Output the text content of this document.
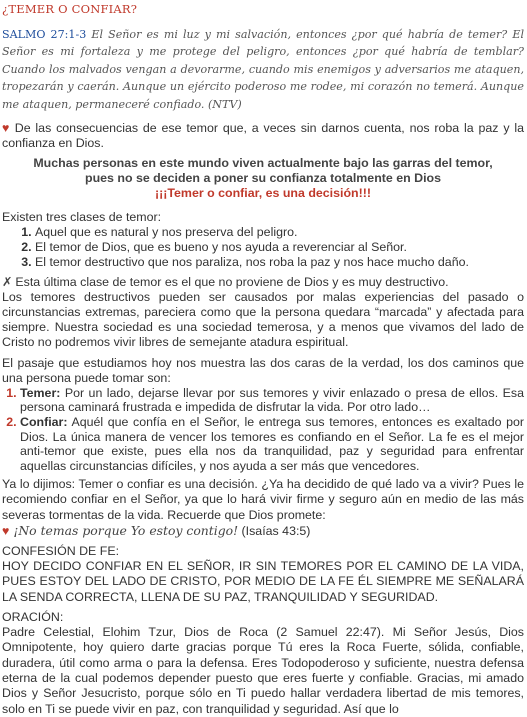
¿TEMER O CONFIAR?

SALMO 27:1-3 El Señor es mi luz y mi salvación, entonces ¿por qué habría de temer? El Señor es mi fortaleza y me protege del peligro, entonces ¿por qué habría de temblar? Cuando los malvados vengan a devorarme, cuando mis enemigos y adversarios me ataquen, tropezarán y caerán. Aunque un ejército poderoso me rodee, mi corazón no temerá. Aunque me ataquen, permaneceré confiado. (NTV)

♥ De las consecuencias de ese temor que, a veces sin darnos cuenta, nos roba la paz y la confianza en Dios.

Muchas personas en este mundo viven actualmente bajo las garras del temor,
pues no se deciden a poner su confianza totalmente en Dios
¡¡¡Temer o confiar, es una decisión!!!

Existen tres clases de temor:

1. Aquel que es natural y nos preserva del peligro.
2. El temor de Dios, que es bueno y nos ayuda a reverenciar al Señor.
3. El temor destructivo que nos paraliza, nos roba la paz y nos hace mucho daño.

✗ Esta última clase de temor es el que no proviene de Dios y es muy destructivo.

Los temores destructivos pueden ser causados por malas experiencias del pasado o circunstancias extremas, pareciera como que la persona quedara “marcada” y afectada para siempre. Nuestra sociedad es una sociedad temerosa, y a menos que vivamos del lado de Cristo no podremos vivir libres de semejante atadura espiritual.

El pasaje que estudiamos hoy nos muestra las dos caras de la verdad, los dos caminos que una persona puede tomar son:

1. Temer: Por un lado, dejarse llevar por sus temores y vivir enlazado o presa de ellos. Esa persona caminará frustrada e impedida de disfrutar la vida. Por otro lado…
2. Confiar: Aquél que confía en el Señor, le entrega sus temores, entonces es exaltado por Dios. La única manera de vencer los temores es confiando en el Señor. La fe es el mejor anti-temor que existe, pues ella nos da tranquilidad, paz y seguridad para enfrentar aquellas circunstancias difíciles, y nos ayuda a ser más que vencedores.

Ya lo dijimos: Temer o confiar es una decisión. ¿Ya ha decidido de qué lado va a vivir? Pues le recomiendo confiar en el Señor, ya que lo hará vivir firme y seguro aún en medio de las más severas tormentas de la vida. Recuerde que Dios promete:

♥ ¡No temas porque Yo estoy contigo! (Isaías 43:5)

CONFESIÓN DE FE:

HOY DECIDO CONFIAR EN EL SEÑOR, IR SIN TEMORES POR EL CAMINO DE LA VIDA, PUES ESTOY DEL LADO DE CRISTO, POR MEDIO DE LA FE ÉL SIEMPRE ME SEÑALARÁ LA SENDA CORRECTA, LLENA DE SU PAZ, TRANQUILIDAD Y SEGURIDAD.

ORACIÓN:

Padre Celestial, Elohim Tzur, Dios de Roca (2 Samuel 22:47). Mi Señor Jesús, Dios Omnipotente, hoy quiero darte gracias porque Tú eres la Roca Fuerte, sólida, confiable, duradera, útil como arma o para la defensa. Eres Todopoderoso y suficiente, nuestra defensa eterna de la cual podemos depender puesto que eres fuerte y confiable. Gracias, mi amado Dios y Señor Jesucristo, porque sólo en Ti puedo hallar verdadera libertad de mis temores, solo en Ti se puede vivir en paz, con tranquilidad y seguridad. Así que lo
